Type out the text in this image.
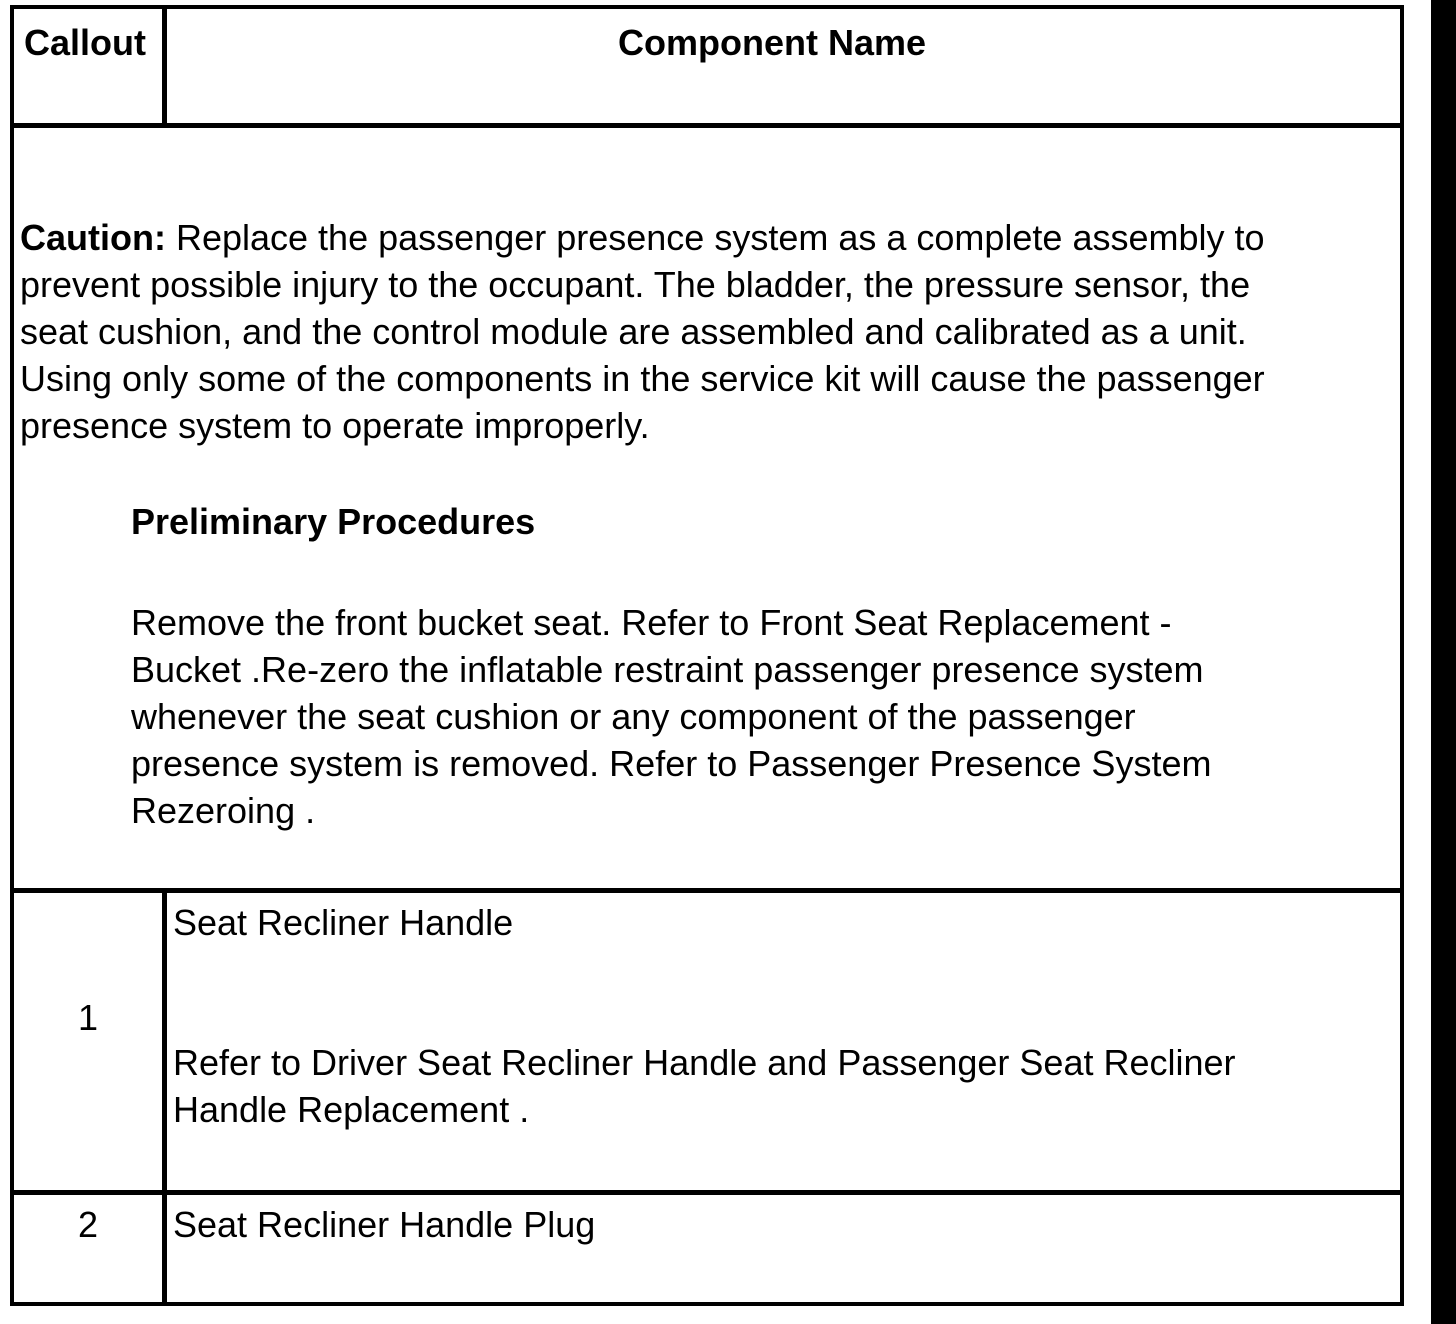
Callout	Component Name
Caution: Replace the passenger presence system as a complete assembly to
prevent possible injury to the occupant. The bladder, the pressure sensor, the
seat cushion, and the control module are assembled and calibrated as a unit.
Using only some of the components in the service kit will cause the passenger
presence system to operate improperly.
Preliminary Procedures
Remove the front bucket seat. Refer to Front Seat Replacement -
Bucket .Re-zero the inflatable restraint passenger presence system
whenever the seat cushion or any component of the passenger
presence system is removed. Refer to Passenger Presence System
Rezeroing .
1
Seat Recliner Handle
Refer to Driver Seat Recliner Handle and Passenger Seat Recliner
Handle Replacement .
2	Seat Recliner Handle Plug
